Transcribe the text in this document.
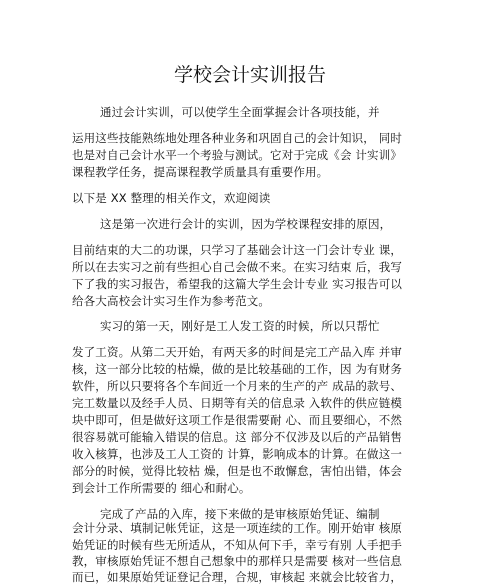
学校会计实训报告

通过会计实训，可以使学生全面掌握会计各项技能，并

运用这些技能熟练地处理各种业务和巩固自己的会计知识， 同时

也是对自己会计水平一个考验与测试。它对于完成《会 计实训》

课程教学任务，提高课程教学质量具有重要作用。

以下是 XX 整理的相关作文，欢迎阅读

这是第一次进行会计的实训，因为学校课程安排的原因，

目前结束的大二的功课，只学习了基础会计这一门会计专业 课，

所以在去实习之前有些担心自己会做不来。在实习结束 后，我写

下了我的实习报告，希望我的这篇大学生会计专业 实习报告可以

给各大高校会计实习生作为参考范文。

实习的第一天，刚好是工人发工资的时候，所以只帮忙

发了工资。从第二天开始，有两天多的时间是完工产品入库 并审

核，这一部分比较的枯燥，做的是比较基础的工作，因 为有财务

软件，所以只要将各个车间近一个月来的生产的产 成品的款号、

完工数量以及经手人员、日期等有关的信息录 入软件的供应链模

块中即可，但是做好这项工作是很需要耐 心、而且要细心，不然

很容易就可能输入错误的信息。这 部分不仅涉及以后的产品销售

收入核算，也涉及工人工资的 计算，影响成本的计算。在做这一

部分的时候，觉得比较枯 燥，但是也不敢懈怠，害怕出错，体会

到会计工作所需要的 细心和耐心。

完成了产品的入库，接下来做的是审核原始凭证、编制

会计分录、填制记帐凭证，这是一项连续的工作。刚开始审 核原

始凭证的时候有些无所适从，不知从何下手，幸亏有别 人手把手

教，审核原始凭证不想自己想象中的那样只是需要 核对一些信息

而已，如果原始凭证登记合理，合规，审核起 来就会比较省力，
